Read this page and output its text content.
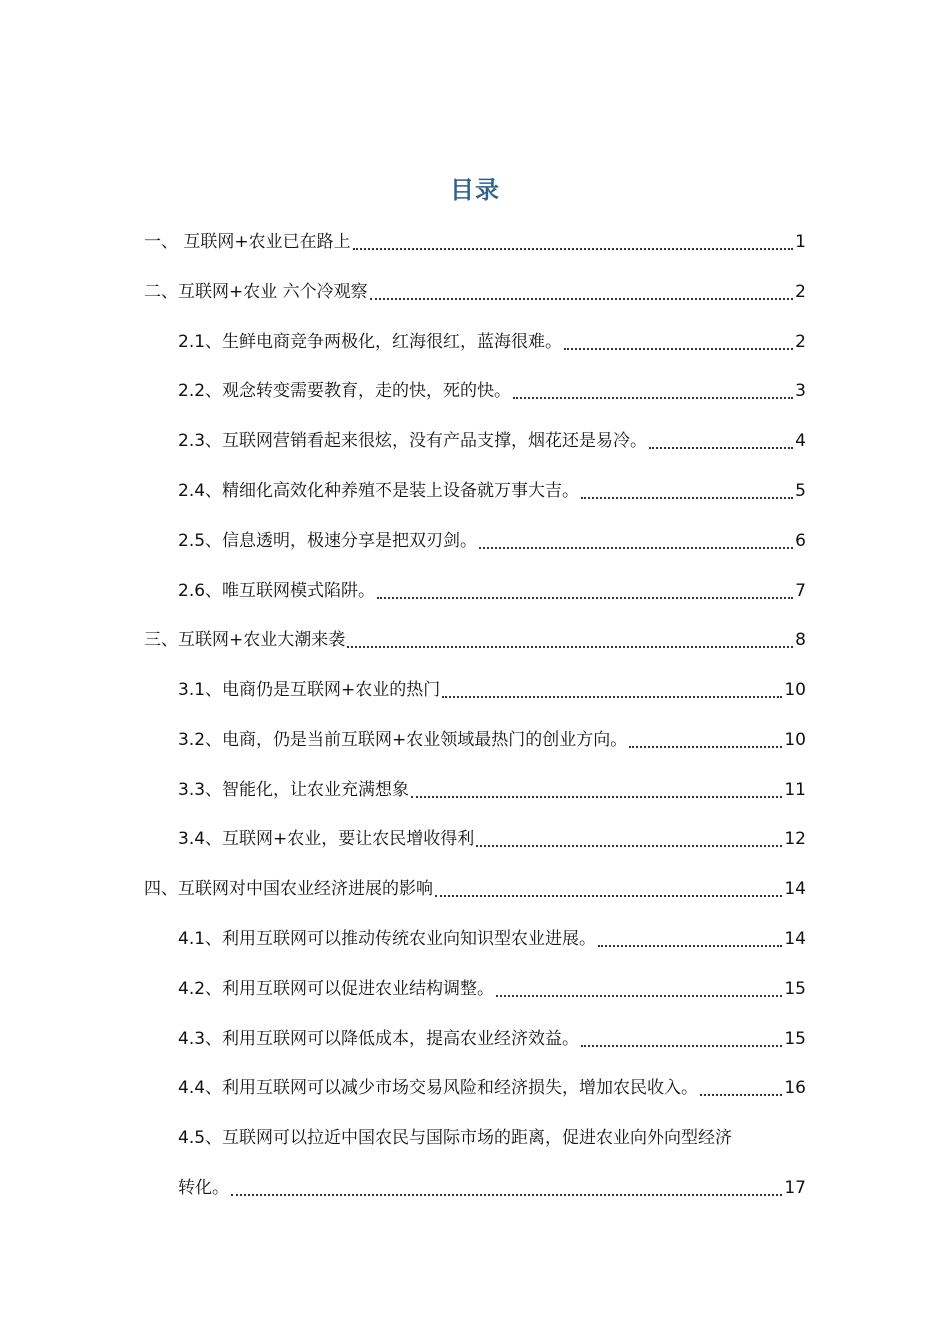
目录
一、 互联网+农业已在路上	1
二、互联网+农业 六个冷观察	2
2.1、生鲜电商竞争两极化，红海很红，蓝海很难。	2
2.2、观念转变需要教育，走的快，死的快。	3
2.3、互联网营销看起来很炫，没有产品支撑，烟花还是易冷。	4
2.4、精细化高效化种养殖不是装上设备就万事大吉。	5
2.5、信息透明，极速分享是把双刃剑。	6
2.6、唯互联网模式陷阱。	7
三、互联网+农业大潮来袭	8
3.1、电商仍是互联网+农业的热门	10
3.2、电商，仍是当前互联网+农业领域最热门的创业方向。	10
3.3、智能化，让农业充满想象	11
3.4、互联网+农业，要让农民增收得利	12
四、互联网对中国农业经济进展的影响	14
4.1、利用互联网可以推动传统农业向知识型农业进展。	14
4.2、利用互联网可以促进农业结构调整。	15
4.3、利用互联网可以降低成本，提高农业经济效益。	15
4.4、利用互联网可以减少市场交易风险和经济损失，增加农民收入。	16
4.5、互联网可以拉近中国农民与国际市场的距离，促进农业向外向型经济
转化。	17
